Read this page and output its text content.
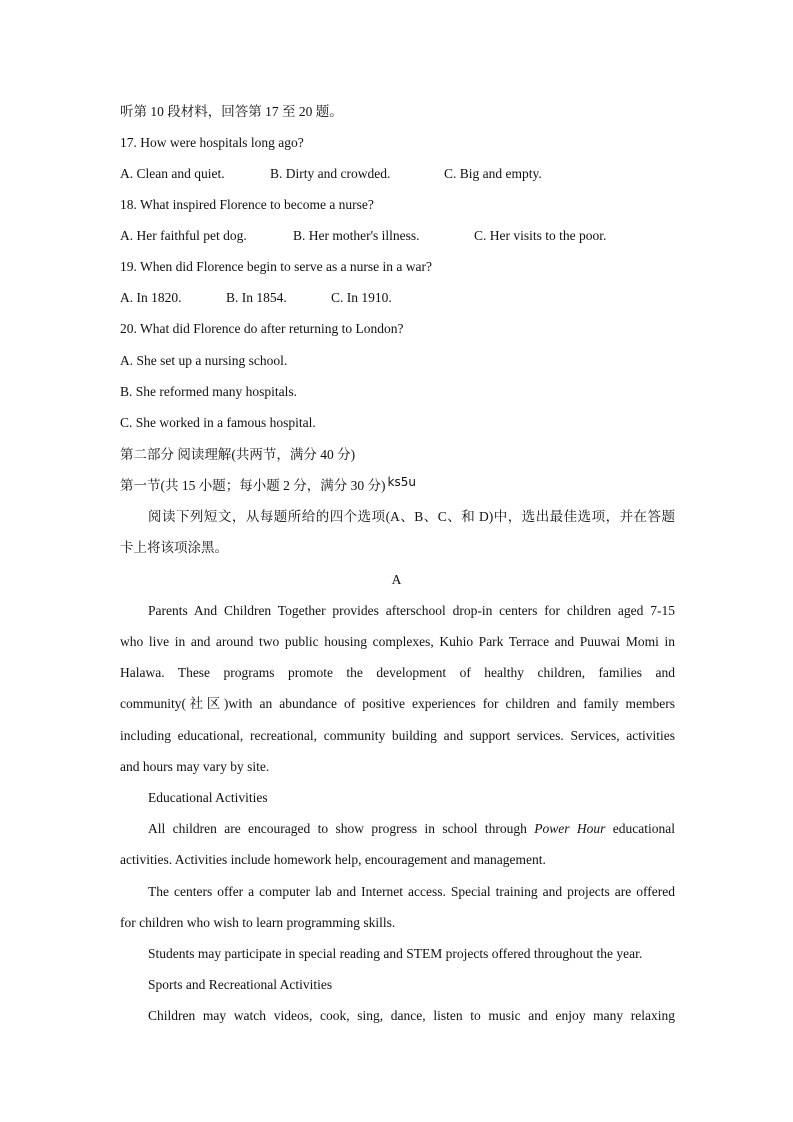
听第 10 段材料，回答第 17 至 20 题。
17. How were hospitals long ago?
A. Clean and quiet.	B. Dirty and crowded.	C. Big and empty.
18. What inspired Florence to become a nurse?
A. Her faithful pet dog.	B. Her mother's illness.	C. Her visits to the poor.
19. When did Florence begin to serve as a nurse in a war?
A. In 1820.	B. In 1854.	C. In 1910.
20. What did Florence do after returning to London?
A. She set up a nursing school.
B. She reformed many hospitals.
C. She worked in a famous hospital.
第二部分 阅读理解(共两节，满分 40 分)
第一节(共 15 小题；每小题 2 分，满分 30 分) ks5u
阅读下列短文，从每题所给的四个选项(A、B、C、和 D)中，选出最佳选项，并在答题
卡上将该项涂黑。
A
Parents And Children Together provides afterschool drop-in centers for children aged 7-15
who live in and around two public housing complexes, Kuhio Park Terrace and Puuwai Momi in
Halawa. These programs promote the development of healthy children, families and
community(社区)with an abundance of positive experiences for children and family members
including educational, recreational, community building and support services. Services, activities
and hours may vary by site.
Educational Activities
All children are encouraged to show progress in school through Power Hour educational
activities. Activities include homework help, encouragement and management.
The centers offer a computer lab and Internet access. Special training and projects are offered
for children who wish to learn programming skills.
Students may participate in special reading and STEM projects offered throughout the year.
Sports and Recreational Activities
Children may watch videos, cook, sing, dance, listen to music and enjoy many relaxing
